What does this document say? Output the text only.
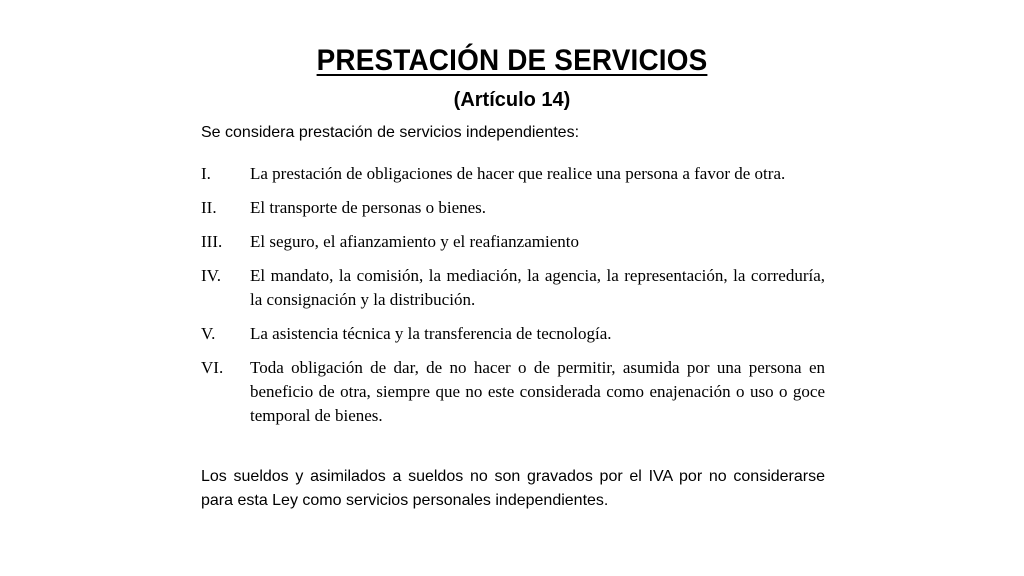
PRESTACIÓN DE SERVICIOS
(Artículo 14)
Se considera prestación de servicios independientes:
I. La prestación de obligaciones de hacer que realice una persona a favor de otra.
II. El transporte de personas o bienes.
III. El seguro, el afianzamiento y el reafianzamiento
IV. El mandato, la comisión, la mediación, la agencia, la representación, la correduría, la consignación y la distribución.
V. La asistencia técnica y la transferencia de tecnología.
VI. Toda obligación de dar, de no hacer o de permitir, asumida por una persona en beneficio de otra, siempre que no este considerada como enajenación o uso o goce temporal de bienes.
Los sueldos y asimilados a sueldos no son gravados por el IVA por no considerarse para esta Ley como servicios personales independientes.
